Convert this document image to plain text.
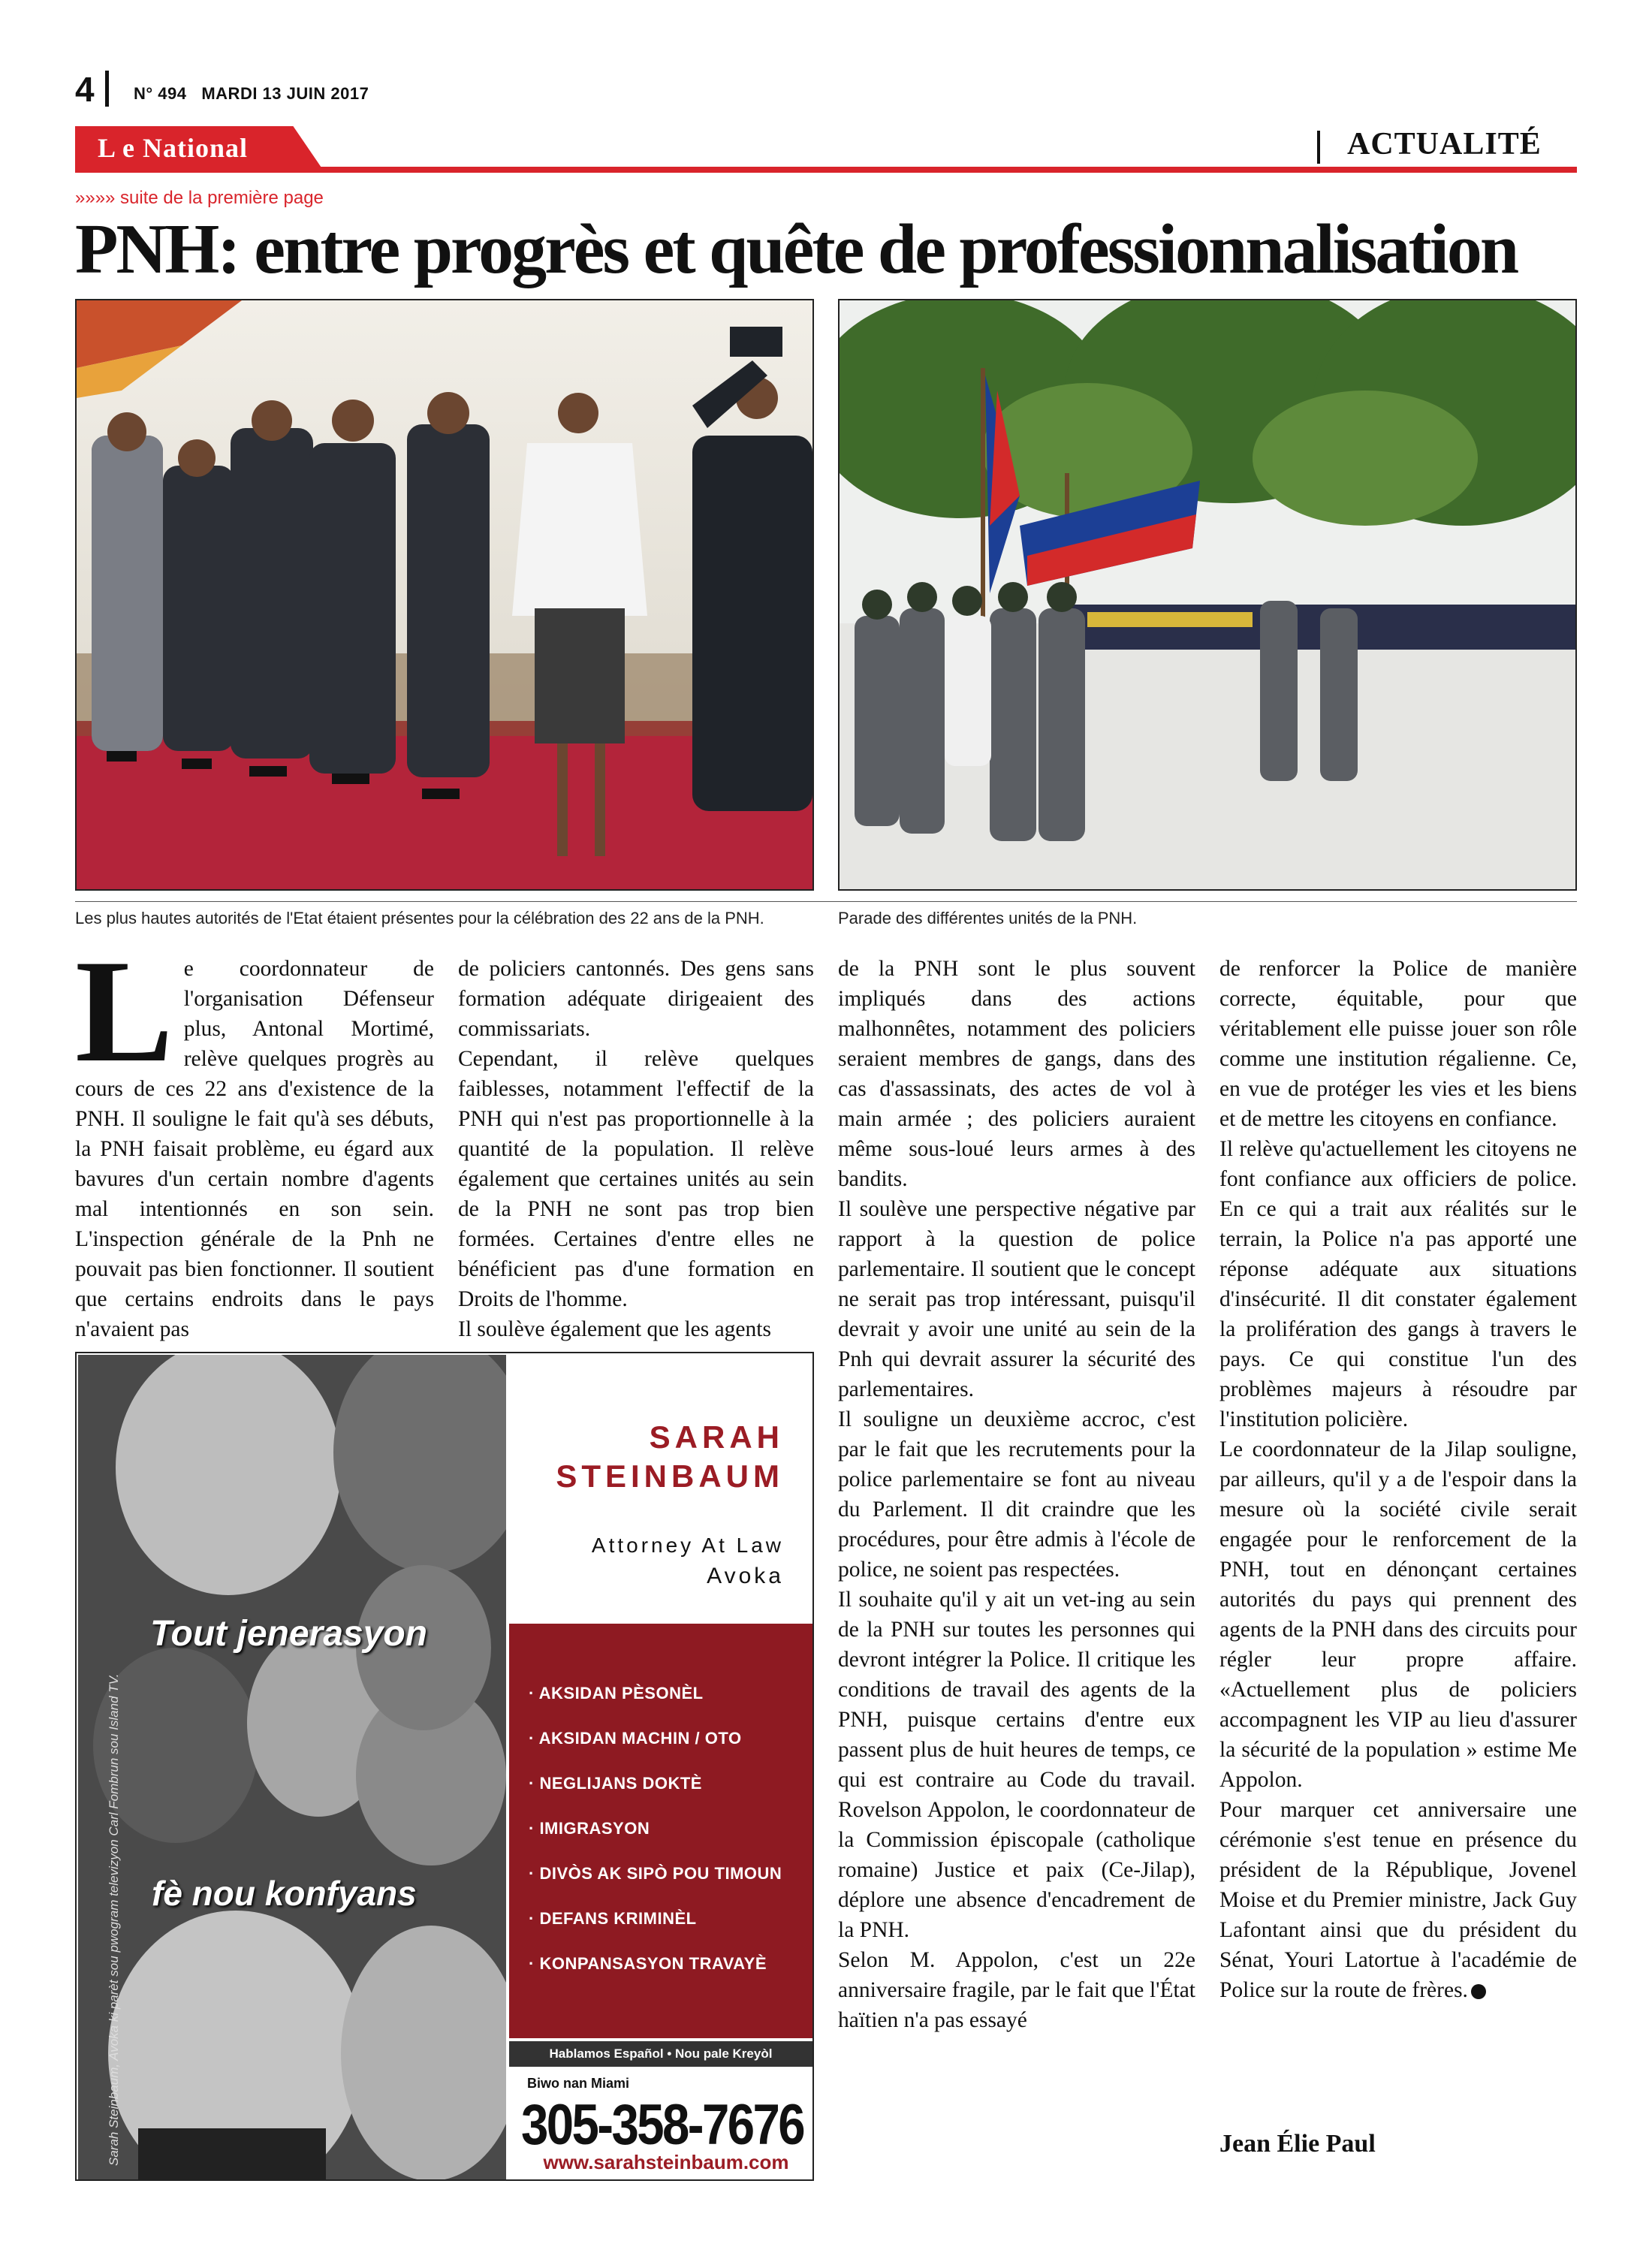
4 N° 494   MARDI 13 JUIN 2017
L e National	ACTUALITÉ
»»»» suite de la première page
PNH: entre progrès et quête de professionnalisation
Les plus hautes autorités de l'Etat étaient présentes pour la célébration des 22 ans de la PNH.	Parade des différentes unités de la PNH.
L e coordonnateur de l'organisation Défenseur plus, Antonal Mortimé, relève quelques progrès au cours de ces 22 ans d'existence de la PNH. Il souligne le fait qu'à ses débuts, la PNH faisait problème, eu égard aux bavures d'un certain nombre d'agents mal intentionnés en son sein. L'inspection générale de la Pnh ne pouvait pas bien fonctionner. Il soutient que certains endroits dans le pays n'avaient pas

de policiers cantonnés. Des gens sans formation adéquate dirigeaient des commissariats.

Cependant, il relève quelques faiblesses, notamment l'effectif de la PNH qui n'est pas proportionnelle à la quantité de la population. Il relève également que certaines unités au sein de la PNH ne sont pas trop bien formées. Certaines d'entre elles ne bénéficient pas d'une formation en Droits de l'homme.

Il soulève également que les agents

de la PNH sont le plus souvent impliqués dans des actions malhonnêtes, notamment des policiers seraient membres de gangs, dans des cas d'assassinats, des actes de vol à main armée ; des policiers auraient même sous-loué leurs armes à des bandits.

Il soulève une perspective négative par rapport à la question de police parlementaire. Il soutient que le concept ne serait pas trop intéressant, puisqu'il devrait y avoir une unité au sein de la Pnh qui devrait assurer la sécurité des parlementaires.

Il souligne un deuxième accroc, c'est par le fait que les recrutements pour la police parlementaire se font au niveau du Parlement. Il dit craindre que les procédures, pour être admis à l'école de police, ne soient pas respectées.

Il souhaite qu'il y ait un vet-ing au sein de la PNH sur toutes les personnes qui devront intégrer la Police. Il critique les conditions de travail des agents de la PNH, puisque certains d'entre eux passent plus de huit heures de temps, ce qui est contraire au Code du travail. Rovelson Appolon, le coordonnateur de la Commission épiscopale (catholique romaine) Justice et paix (Ce-Jilap), déplore une absence d'encadrement de la PNH.

Selon M. Appolon, c'est un 22e anniversaire fragile, par le fait que l'État haïtien n'a pas essayé

de renforcer la Police de manière correcte, équitable, pour que véritablement elle puisse jouer son rôle comme une institution régalienne. Ce, en vue de protéger les vies et les biens et de mettre les citoyens en confiance.

Il relève qu'actuellement les citoyens ne font confiance aux officiers de police. En ce qui a trait aux réalités sur le terrain, la Police n'a pas apporté une réponse adéquate aux situations d'insécurité. Il dit constater également la prolifération des gangs à travers le pays. Ce qui constitue l'un des problèmes majeurs à résoudre par l'institution policière.

Le coordonnateur de la Jilap souligne, par ailleurs, qu'il y a de l'espoir dans la mesure où la société civile serait engagée pour le renforcement de la PNH, tout en dénonçant certaines autorités du pays qui prennent des agents de la PNH dans des circuits pour régler leur propre affaire. «Actuellement plus de policiers accompagnent les VIP au lieu d'assurer la sécurité de la population » estime Me Appolon.

Pour marquer cet anniversaire une cérémonie s'est tenue en présence du président de la République, Jovenel Moise et du Premier ministre, Jack Guy Lafontant ainsi que du président du Sénat, Youri Latortue à l'académie de Police sur la route de frères.

Jean Élie Paul
Sarah Steinbaum, Avoka ki parèt sou pwogram televizyon Carl Fombrun sou Island TV.
Tout jenerasyon
fè nou konfyans
SARAH
STEINBAUM
Attorney At Law
Avoka
· AKSIDAN PÈSONÈL
· AKSIDAN MACHIN / OTO
· NEGLIJANS DOKTÈ
· IMIGRASYON
· DIVÒS AK SIPÒ POU TIMOUN
· DEFANS KRIMINÈL
· KONPANSASYON TRAVAYÈ
Hablamos Español • Nou pale Kreyòl
Biwo nan Miami
305-358-7676
www.sarahsteinbaum.com
